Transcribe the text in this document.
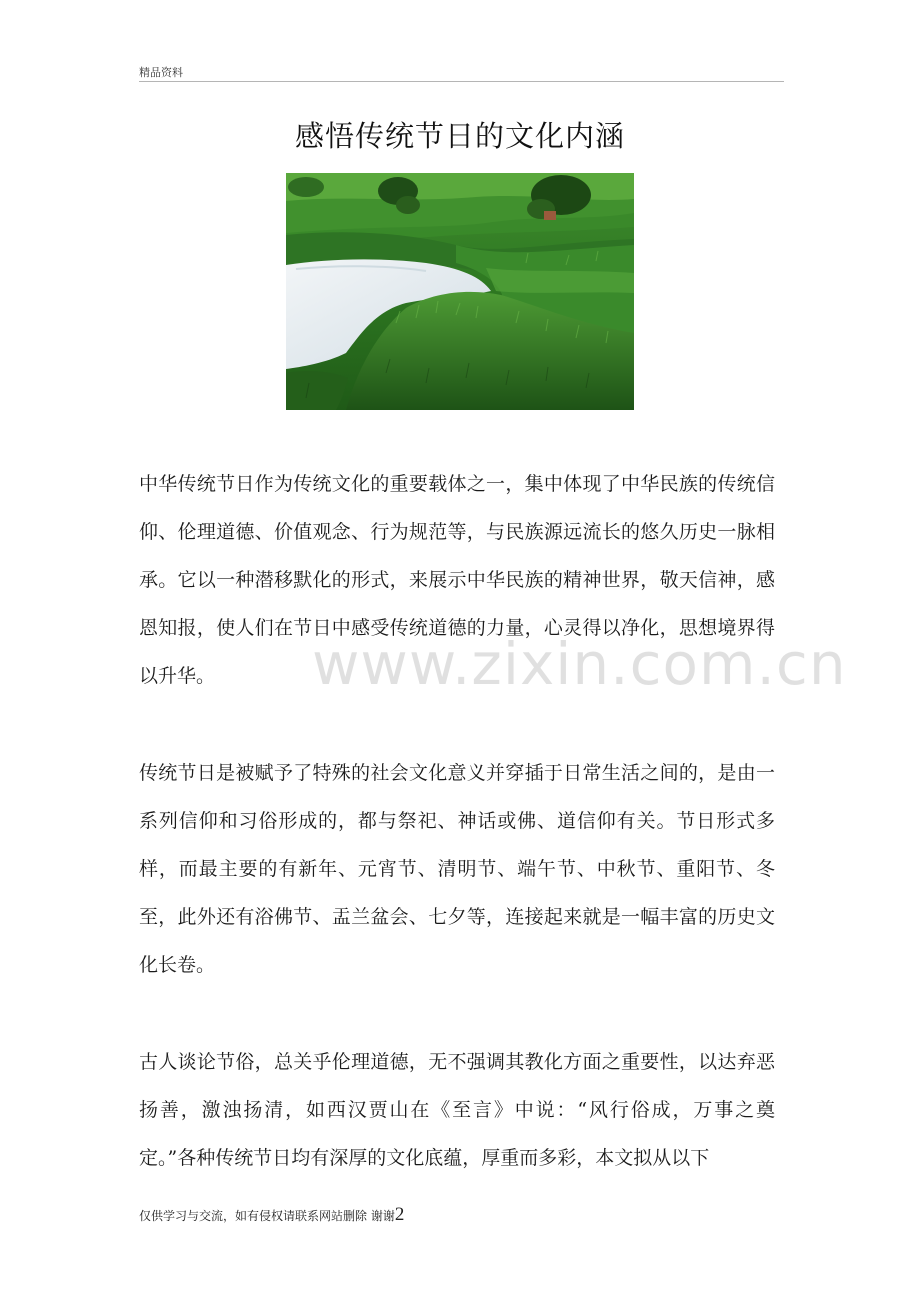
精品资料
感悟传统节日的文化内涵

中华传统节日作为传统文化的重要载体之一，集中体现了中华民族的传统信仰、伦理道德、价值观念、行为规范等，与民族源远流长的悠久历史一脉相承。它以一种潜移默化的形式，来展示中华民族的精神世界，敬天信神，感恩知报，使人们在节日中感受传统道德的力量，心灵得以净化，思想境界得以升华。

传统节日是被赋予了特殊的社会文化意义并穿插于日常生活之间的，是由一系列信仰和习俗形成的，都与祭祀、神话或佛、道信仰有关。节日形式多样，而最主要的有新年、元宵节、清明节、端午节、中秋节、重阳节、冬至，此外还有浴佛节、盂兰盆会、七夕等，连接起来就是一幅丰富的历史文化长卷。

古人谈论节俗，总关乎伦理道德，无不强调其教化方面之重要性，以达弃恶扬善，激浊扬清，如西汉贾山在《至言》中说：“风行俗成，万事之奠定。”各种传统节日均有深厚的文化底蕴，厚重而多彩，本文拟从以下

www.zixin.com.cn
仅供学习与交流，如有侵权请联系网站删除 谢谢2
